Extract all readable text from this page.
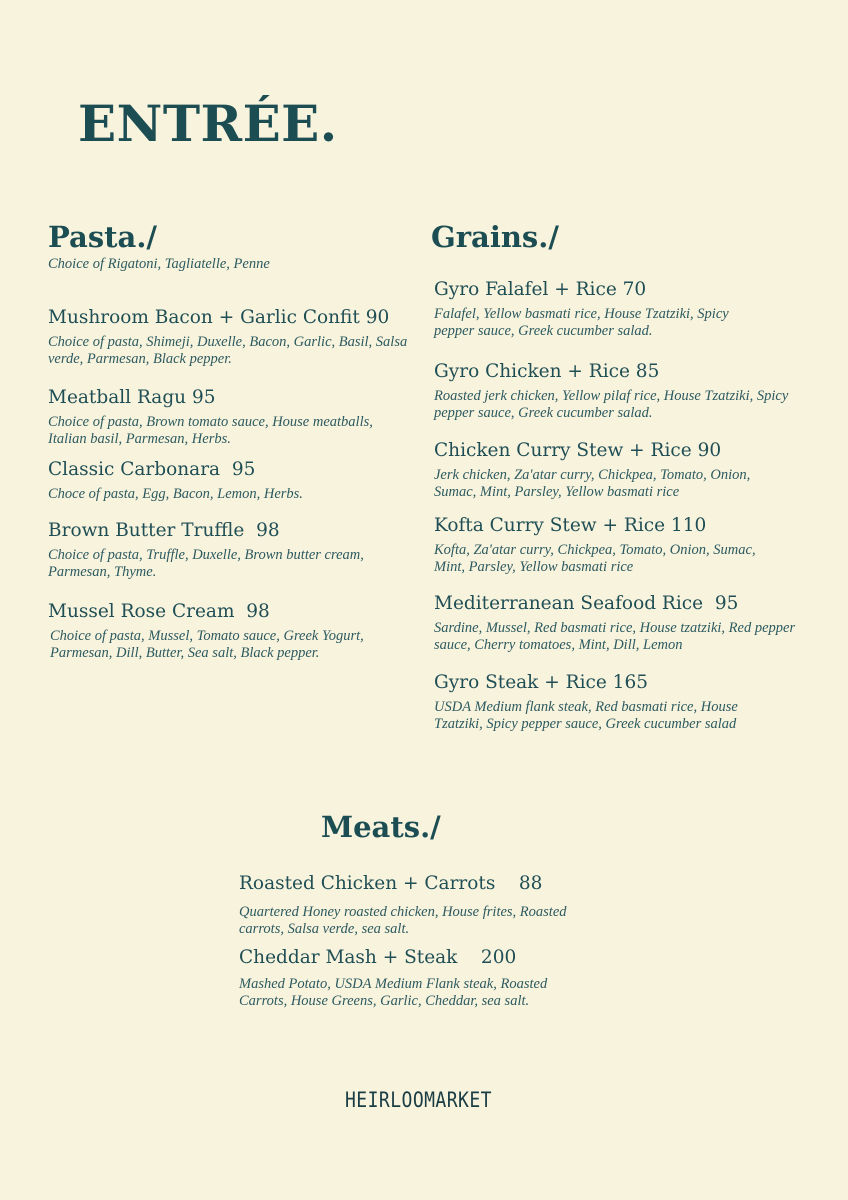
ENTRÉE.
Pasta./

Choice of Rigatoni, Tagliatelle, Penne

Mushroom Bacon + Garlic Confit 90
Choice of pasta, Shimeji, Duxelle, Bacon, Garlic, Basil, Salsa verde, Parmesan, Black pepper.
Meatball Ragu 95
Choice of pasta, Brown tomato sauce, House meatballs, Italian basil, Parmesan, Herbs.
Classic Carbonara  95
Choce of pasta, Egg, Bacon, Lemon, Herbs.
Brown Butter Truffle  98
Choice of pasta, Truffle, Duxelle, Brown butter cream, Parmesan, Thyme.
Mussel Rose Cream  98
Choice of pasta, Mussel, Tomato sauce, Greek Yogurt, Parmesan, Dill, Butter, Sea salt, Black pepper.
Grains./
Gyro Falafel + Rice 70
Falafel, Yellow basmati rice, House Tzatziki, Spicy pepper sauce, Greek cucumber salad.
Gyro Chicken + Rice 85
Roasted jerk chicken, Yellow pilaf rice, House Tzatziki, Spicy pepper sauce, Greek cucumber salad.
Chicken Curry Stew + Rice 90
Jerk chicken, Za'atar curry, Chickpea, Tomato, Onion, Sumac, Mint, Parsley, Yellow basmati rice
Kofta Curry Stew + Rice 110
Kofta, Za'atar curry, Chickpea, Tomato, Onion, Sumac, Mint, Parsley, Yellow basmati rice
Mediterranean Seafood Rice  95
Sardine, Mussel, Red basmati rice, House tzatziki, Red pepper sauce, Cherry tomatoes, Mint, Dill, Lemon
Gyro Steak + Rice 165
USDA Medium flank steak, Red basmati rice, House Tzatziki, Spicy pepper sauce, Greek cucumber salad
Meats./
Roasted Chicken + Carrots    88
Quartered Honey roasted chicken, House frites, Roasted carrots, Salsa verde, sea salt.
Cheddar Mash + Steak    200
Mashed Potato, USDA Medium Flank steak, Roasted Carrots, House Greens, Garlic, Cheddar, sea salt.
HEIRLOOMARKET
